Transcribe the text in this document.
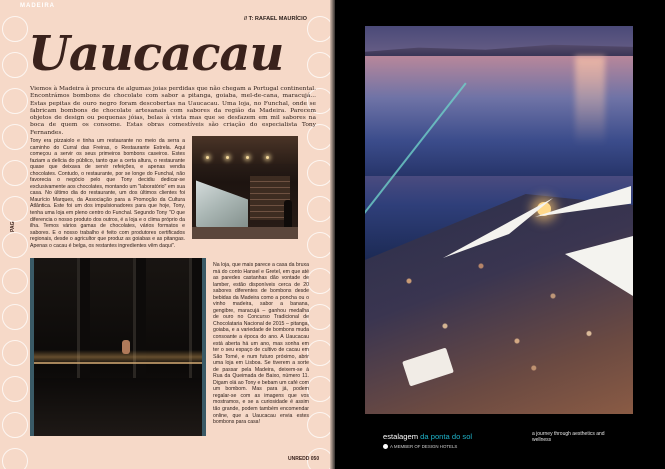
MADEIRA
// T: RAFAEL MAURÍCIO
Uaucacau

Viemos à Madeira à procura de algumas joias perdidas que não chegam a Portugal continental. Encontrámos bombons de chocolate com sabor a pitanga, goiaba, mel-de-cana, maracujá... Estas pepitas de ouro negro foram descobertas na Uaucacau. Uma loja, no Funchal, onde se fabricam bombons de chocolate artesanais com sabores da região da Madeira. Parecem objetos de design ou pequenas jóias, belas à vista mas que se desfazem em mil sabores na boca de quem os consome. Estas obras comestíveis são criação do especialista Tony Fernandes.

Tony era pizzaiolo e tinha um restaurante no meio da serra a caminho do Curral das Freiras, o Restaurante Estrela. Aqui começou a servir os seus primeiros bombons caseiros. Estes faziam a delícia do público, tanto que a certa altura, o restaurante quase que deixava de servir refeições, e apenas vendia chocolates. Contudo, o restaurante, por se longe do Funchal, não favorecia o negócio pelo que Tony decidiu dedicar-se exclusivamente aos chocolates, montando um "laboratório" em sua casa. No último dia do restaurante, um dos últimos clientes foi Maurício Marques, da Associação para a Promoção da Cultura Atlântica. Este foi um dos impulsionadores para que hoje, Tony, tenha uma loja em pleno centro do Funchal. Segundo Tony "O que diferencia o nosso produto dos outros, é a loja e o clima próprio da ilha. Temos vários gamas de chocolates, vários formatos e sabores. E o nosso trabalho é feito com produtores certificados regionais, desde o agricultor que produz as goiabas e as pitangas. Apenas o cacau é belga, os restantes ingredientes vêm daqui".

Na loja, que mais parece a casa da bruxa má do conto Hansel e Gretel, em que até as paredes castanhas dão vontade de lamber, estão disponíveis cerca de 20 sabores diferentes de bombons desde bebidas da Madeira como a poncha ou o vinho madeira, sabor a banana, gengibre, maracujá – ganhou medalha de ouro no Concurso Tradicional de Chocolataria Nacional de 2015 – pitanga, goiaba, e a variedade de bombons muda consoante a época do ano. A Uaucacau está aberta há um ano, mas sonha em ter o seu espaço de cultivo de cacau em São Tomé, e num futuro próximo, abrir uma loja em Lisboa. Se tiverem a sorte de passar pela Madeira, deixem-se à Rua da Queimada de Baixo, número 11. Digam olá ao Tony e bebam um café com um bombom. Mas para já, podem regalar-se com as imagens que vos mostramos, e se a curiosidade é assim tão grande, podem também encomendar online, que a Uaucacau envia estes bombons para casa!

PAG
UNREDD 050
estalagem da ponta do sol
A MEMBER OF DESIGN HOTELS
a journey through aesthetics and wellness
